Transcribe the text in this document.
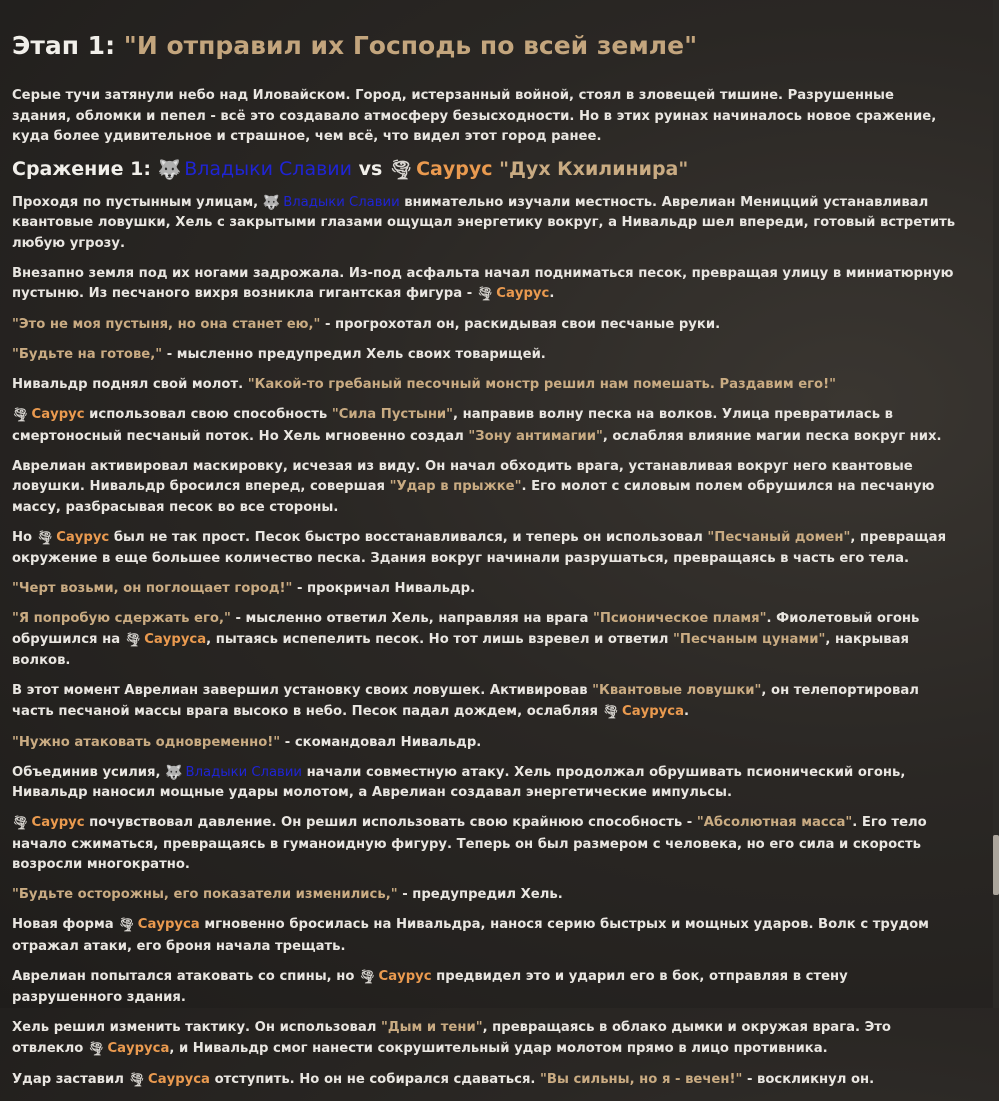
Этап 1: "И отправил их Господь по всей земле"

Серые тучи затянули небо над Иловайском. Город, истерзанный войной, стоял в зловещей тишине. Разрушенные здания, обломки и пепел - всё это создавало атмосферу безысходности. Но в этих руинах начиналось новое сражение, куда более удивительное и страшное, чем всё, что видел этот город ранее.

Сражение 1: 🐺 Владыки Славии vs 🌪 Саурус "Дух Кхилинира"

Проходя по пустынным улицам, 🐺 Владыки Славии внимательно изучали местность. Аврелиан Меницций устанавливал квантовые ловушки, Хель с закрытыми глазами ощущал энергетику вокруг, а Нивальдр шел впереди, готовый встретить любую угрозу.

Внезапно земля под их ногами задрожала. Из-под асфальта начал подниматься песок, превращая улицу в миниатюрную пустыню. Из песчаного вихря возникла гигантская фигура - 🌪 Саурус.

"Это не моя пустыня, но она станет ею," - прогрохотал он, раскидывая свои песчаные руки.

"Будьте на готове," - мысленно предупредил Хель своих товарищей.

Нивальдр поднял свой молот. "Какой-то гребаный песочный монстр решил нам помешать. Раздавим его!"

🌪 Саурус использовал свою способность "Сила Пустыни", направив волну песка на волков. Улица превратилась в смертоносный песчаный поток. Но Хель мгновенно создал "Зону антимагии", ослабляя влияние магии песка вокруг них.

Аврелиан активировал маскировку, исчезая из виду. Он начал обходить врага, устанавливая вокруг него квантовые ловушки. Нивальдр бросился вперед, совершая "Удар в прыжке". Его молот с силовым полем обрушился на песчаную массу, разбрасывая песок во все стороны.

Но 🌪 Саурус был не так прост. Песок быстро восстанавливался, и теперь он использовал "Песчаный домен", превращая окружение в еще большее количество песка. Здания вокруг начинали разрушаться, превращаясь в часть его тела.

"Черт возьми, он поглощает город!" - прокричал Нивальдр.

"Я попробую сдержать его," - мысленно ответил Хель, направляя на врага "Псионическое пламя". Фиолетовый огонь обрушился на 🌪 Сауруса, пытаясь испепелить песок. Но тот лишь взревел и ответил "Песчаным цунами", накрывая волков.

В этот момент Аврелиан завершил установку своих ловушек. Активировав "Квантовые ловушки", он телепортировал часть песчаной массы врага высоко в небо. Песок падал дождем, ослабляя 🌪 Сауруса.

"Нужно атаковать одновременно!" - скомандовал Нивальдр.

Объединив усилия, 🐺 Владыки Славии начали совместную атаку. Хель продолжал обрушивать псионический огонь, Нивальдр наносил мощные удары молотом, а Аврелиан создавал энергетические импульсы.

🌪 Саурус почувствовал давление. Он решил использовать свою крайнюю способность - "Абсолютная масса". Его тело начало сжиматься, превращаясь в гуманоидную фигуру. Теперь он был размером с человека, но его сила и скорость возросли многократно.

"Будьте осторожны, его показатели изменились," - предупредил Хель.

Новая форма 🌪 Сауруса мгновенно бросилась на Нивальдра, нанося серию быстрых и мощных ударов. Волк с трудом отражал атаки, его броня начала трещать.

Аврелиан попытался атаковать со спины, но 🌪 Саурус предвидел это и ударил его в бок, отправляя в стену разрушенного здания.

Хель решил изменить тактику. Он использовал "Дым и тени", превращаясь в облако дымки и окружая врага. Это отвлекло 🌪 Сауруса, и Нивальдр смог нанести сокрушительный удар молотом прямо в лицо противника.

Удар заставил 🌪 Сауруса отступить. Но он не собирался сдаваться. "Вы сильны, но я - вечен!" - воскликнул он.
